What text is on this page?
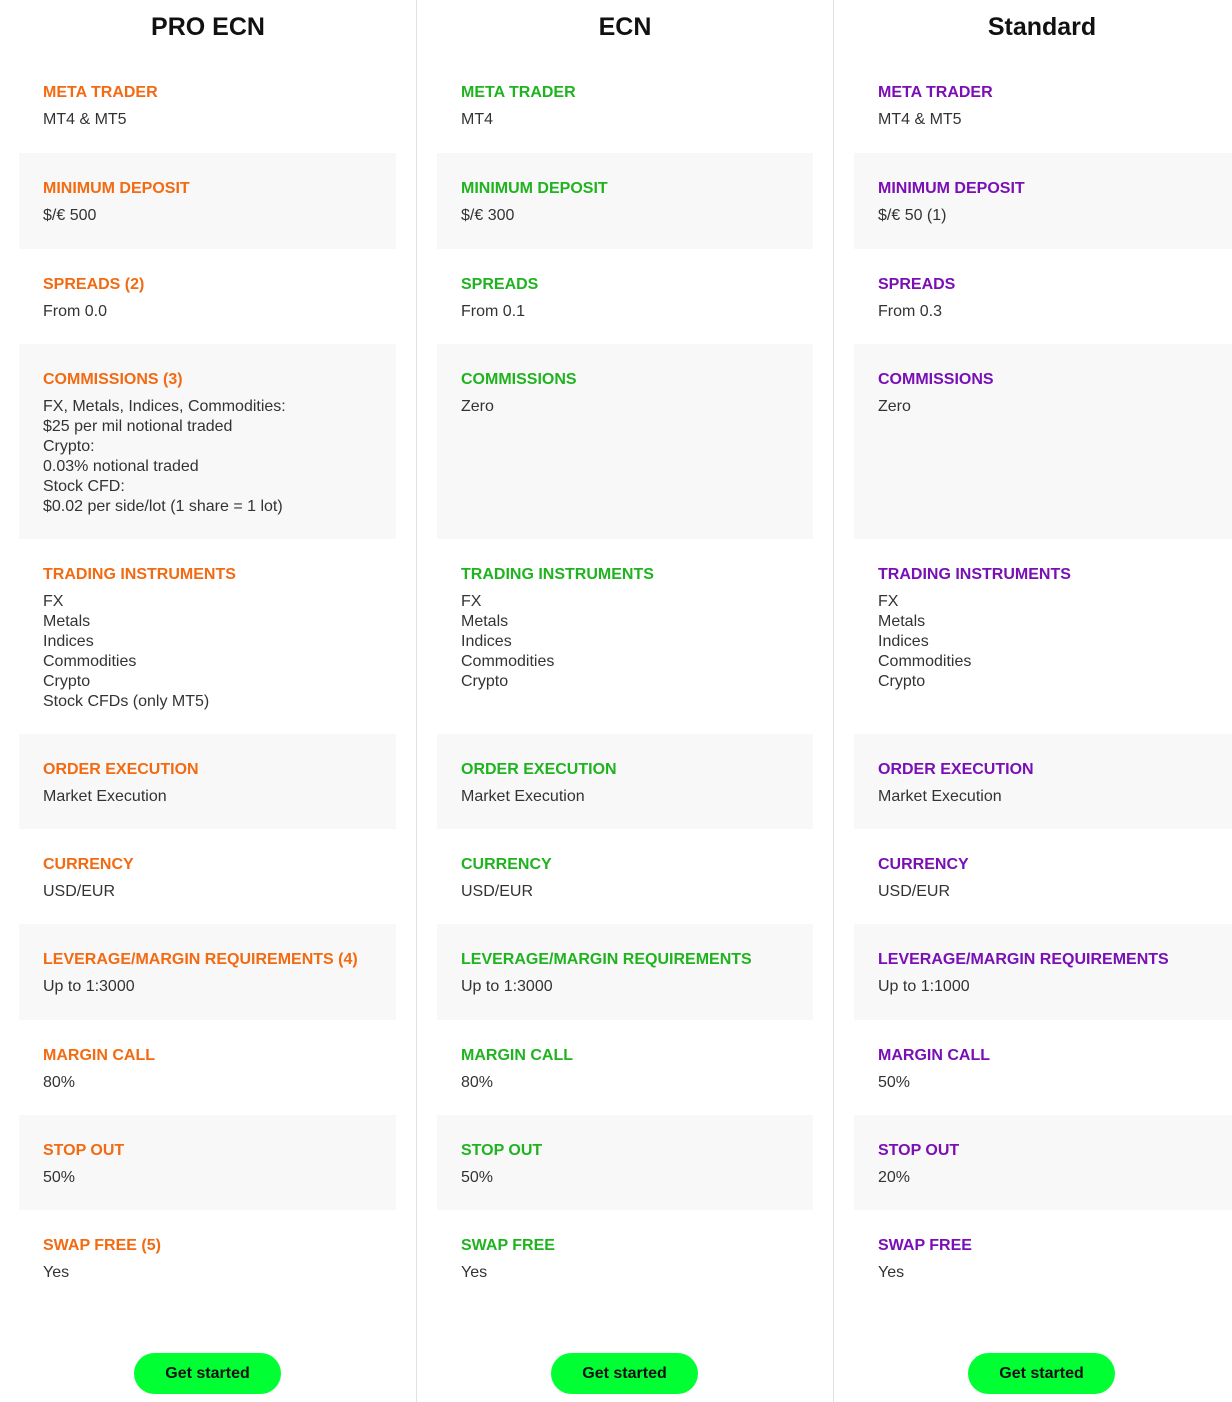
PRO ECN
META TRADER
MT4 & MT5
MINIMUM DEPOSIT
$/€ 500
SPREADS (2)
From 0.0
COMMISSIONS (3)
FX, Metals, Indices, Commodities:
$25 per mil notional traded
Crypto:
0.03% notional traded
Stock CFD:
$0.02 per side/lot (1 share = 1 lot)
TRADING INSTRUMENTS
FX
Metals
Indices
Commodities
Crypto
Stock CFDs (only MT5)
ORDER EXECUTION
Market Execution
CURRENCY
USD/EUR
LEVERAGE/MARGIN REQUIREMENTS (4)
Up to 1:3000
MARGIN CALL
80%
STOP OUT
50%
SWAP FREE (5)
Yes
Get started
ECN
META TRADER
MT4
MINIMUM DEPOSIT
$/€ 300
SPREADS
From 0.1
COMMISSIONS
Zero
TRADING INSTRUMENTS
FX
Metals
Indices
Commodities
Crypto
ORDER EXECUTION
Market Execution
CURRENCY
USD/EUR
LEVERAGE/MARGIN REQUIREMENTS
Up to 1:3000
MARGIN CALL
80%
STOP OUT
50%
SWAP FREE
Yes
Get started
Standard
META TRADER
MT4 & MT5
MINIMUM DEPOSIT
$/€ 50 (1)
SPREADS
From 0.3
COMMISSIONS
Zero
TRADING INSTRUMENTS
FX
Metals
Indices
Commodities
Crypto
ORDER EXECUTION
Market Execution
CURRENCY
USD/EUR
LEVERAGE/MARGIN REQUIREMENTS
Up to 1:1000
MARGIN CALL
50%
STOP OUT
20%
SWAP FREE
Yes
Get started
